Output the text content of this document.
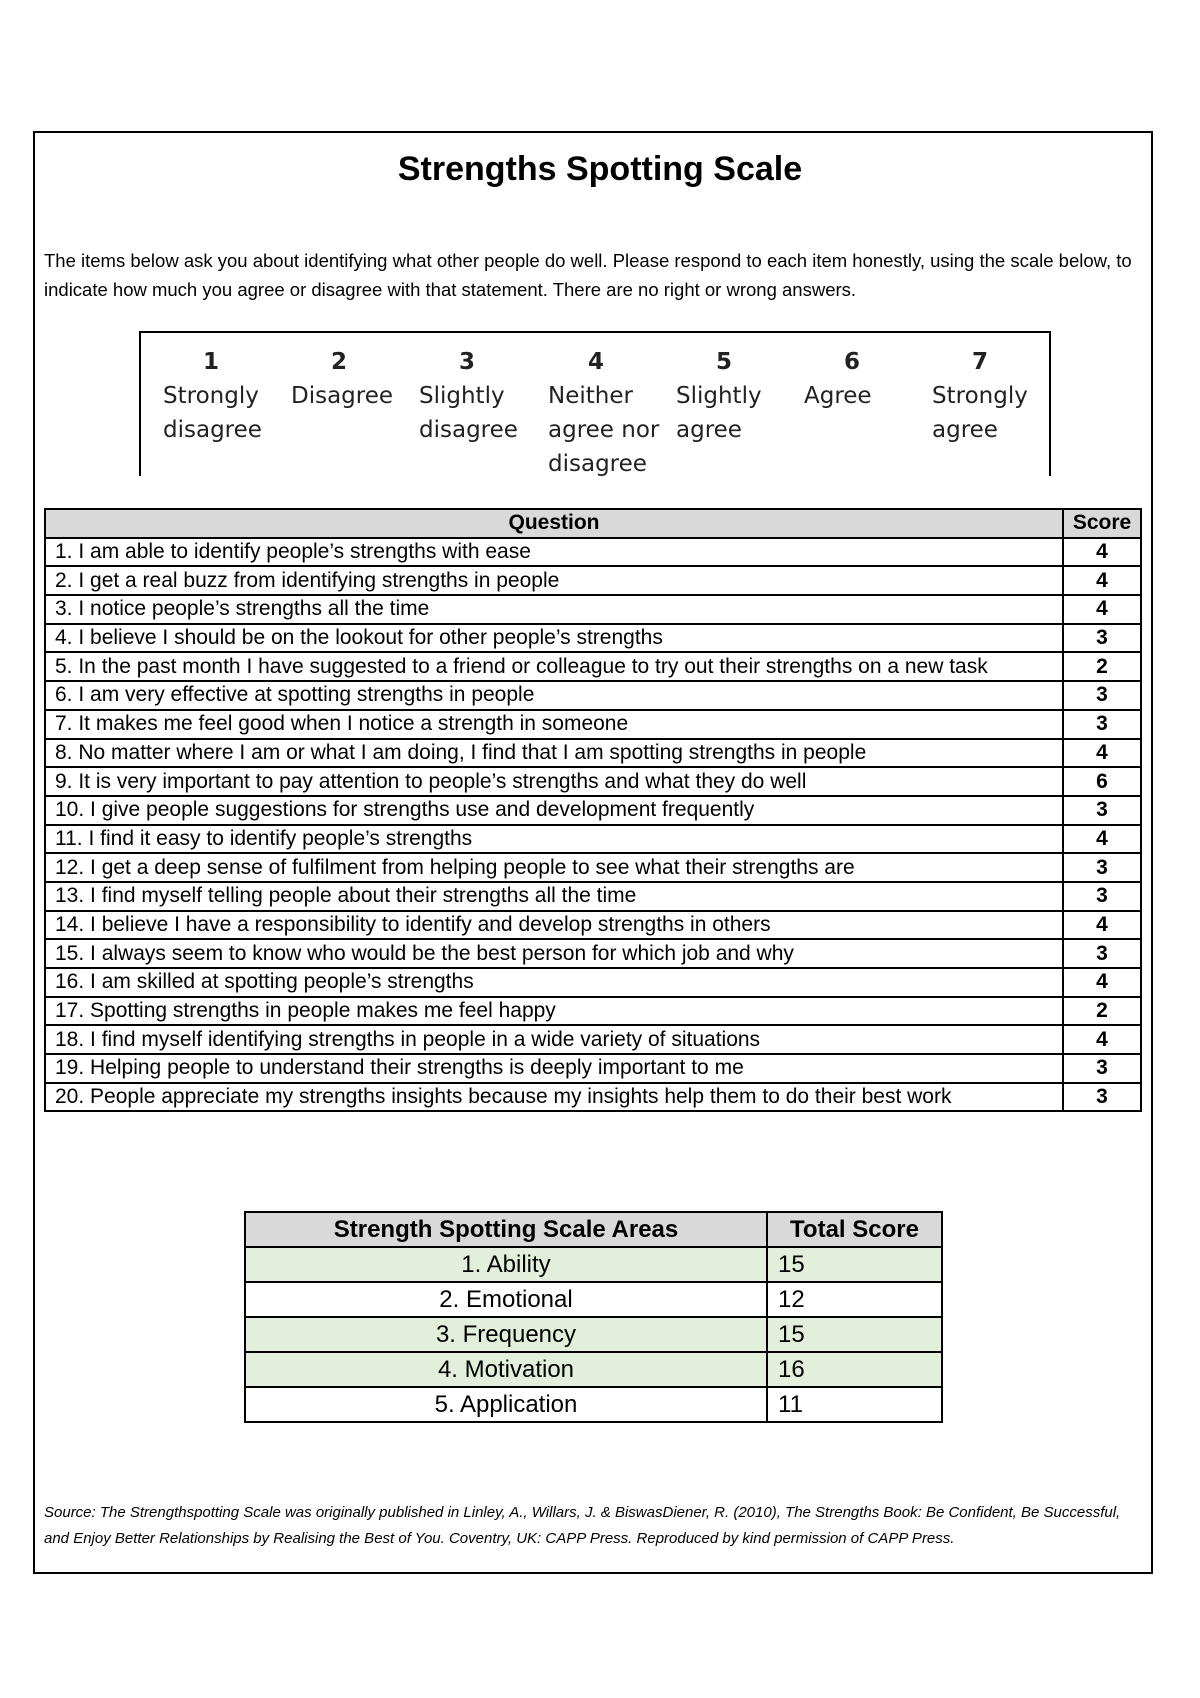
Strengths Spotting Scale
The items below ask you about identifying what other people do well. Please respond to each item honestly, using the scale below, to indicate how much you agree or disagree with that statement. There are no right or wrong answers.
1
Strongly disagree
2
Disagree
3
Slightly disagree
4
Neither agree nor disagree
5
Slightly agree
6
Agree
7
Strongly agree
Question	Score
1. I am able to identify people’s strengths with ease	4
2. I get a real buzz from identifying strengths in people	4
3. I notice people’s strengths all the time	4
4. I believe I should be on the lookout for other people’s strengths	3
5. In the past month I have suggested to a friend or colleague to try out their strengths on a new task	2
6. I am very effective at spotting strengths in people	3
7. It makes me feel good when I notice a strength in someone	3
8. No matter where I am or what I am doing, I find that I am spotting strengths in people	4
9. It is very important to pay attention to people’s strengths and what they do well	6
10. I give people suggestions for strengths use and development frequently	3
11. I find it easy to identify people’s strengths	4
12. I get a deep sense of fulfilment from helping people to see what their strengths are	3
13. I find myself telling people about their strengths all the time	3
14. I believe I have a responsibility to identify and develop strengths in others	4
15. I always seem to know who would be the best person for which job and why	3
16. I am skilled at spotting people’s strengths	4
17. Spotting strengths in people makes me feel happy	2
18. I find myself identifying strengths in people in a wide variety of situations	4
19. Helping people to understand their strengths is deeply important to me	3
20. People appreciate my strengths insights because my insights help them to do their best work	3
Strength Spotting Scale Areas	Total Score
1. Ability	15
2. Emotional	12
3. Frequency	15
4. Motivation	16
5. Application	11
Source: The Strengthspotting Scale was originally published in Linley, A., Willars, J. & BiswasDiener, R. (2010), The Strengths Book: Be Confident, Be Successful, and Enjoy Better Relationships by Realising the Best of You. Coventry, UK: CAPP Press. Reproduced by kind permission of CAPP Press.
